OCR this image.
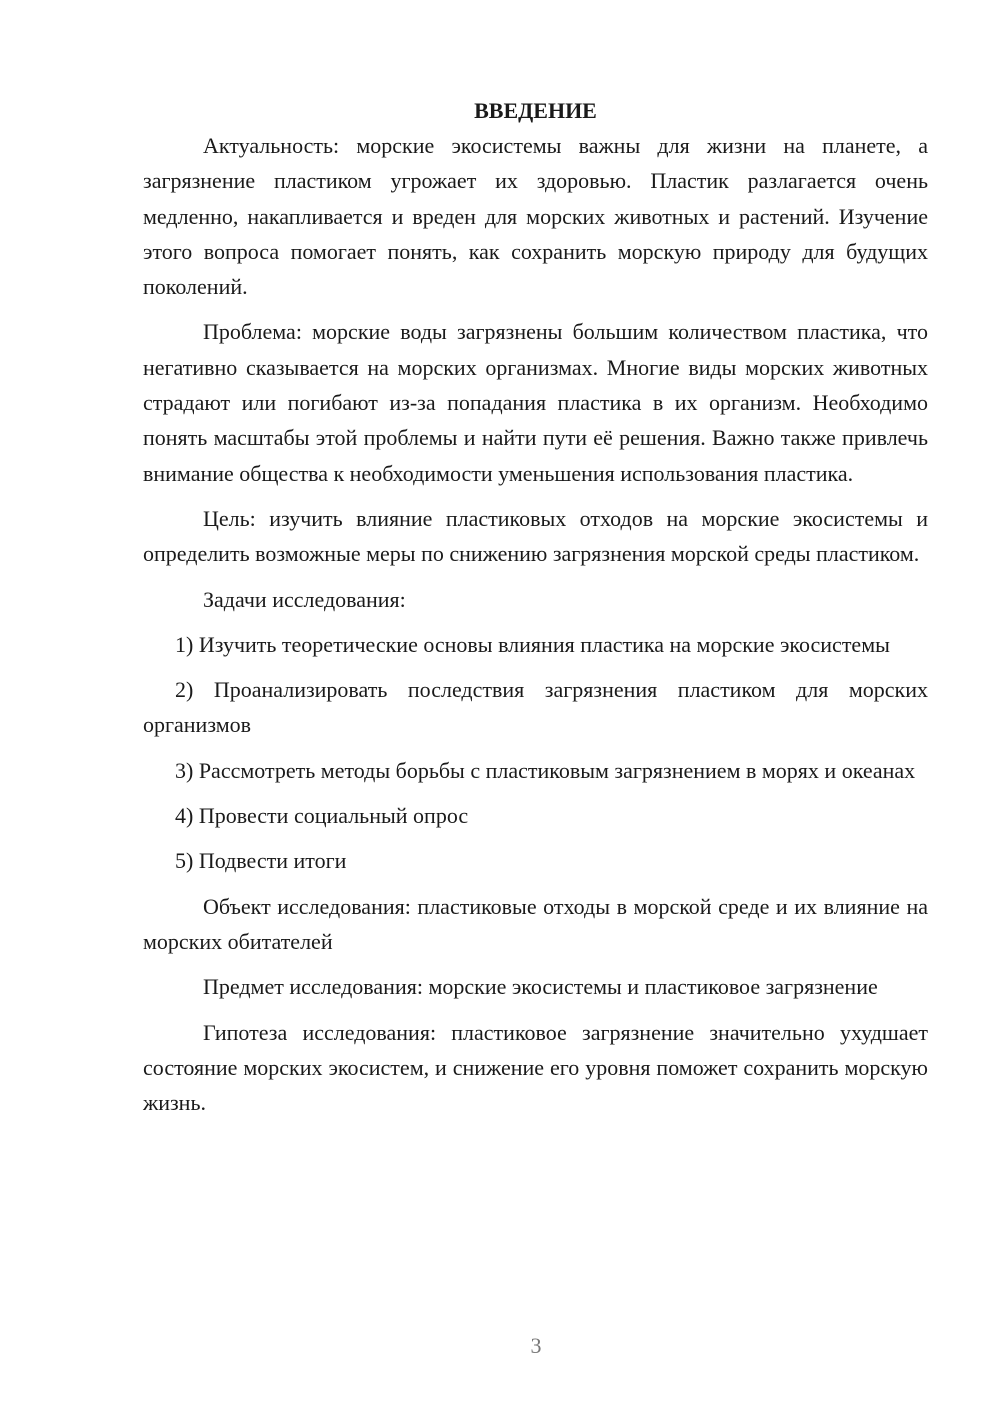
ВВЕДЕНИЕ

Актуальность: морские экосистемы важны для жизни на планете, а загрязнение пластиком угрожает их здоровью. Пластик разлагается очень медленно, накапливается и вреден для морских животных и растений. Изучение этого вопроса помогает понять, как сохранить морскую природу для будущих поколений.

Проблема: морские воды загрязнены большим количеством пластика, что негативно сказывается на морских организмах. Многие виды морских животных страдают или погибают из-за попадания пластика в их организм. Необходимо понять масштабы этой проблемы и найти пути её решения. Важно также привлечь внимание общества к необходимости уменьшения использования пластика.

Цель: изучить влияние пластиковых отходов на морские экосистемы и определить возможные меры по снижению загрязнения морской среды пластиком.

Задачи исследования:

1) Изучить теоретические основы влияния пластика на морские экосистемы

2) Проанализировать последствия загрязнения пластиком для морских организмов

3) Рассмотреть методы борьбы с пластиковым загрязнением в морях и океанах

4) Провести социальный опрос

5) Подвести итоги

Объект исследования: пластиковые отходы в морской среде и их влияние на морских обитателей

Предмет исследования: морские экосистемы и пластиковое загрязнение

Гипотеза исследования: пластиковое загрязнение значительно ухудшает состояние морских экосистем, и снижение его уровня поможет сохранить морскую жизнь.

3
